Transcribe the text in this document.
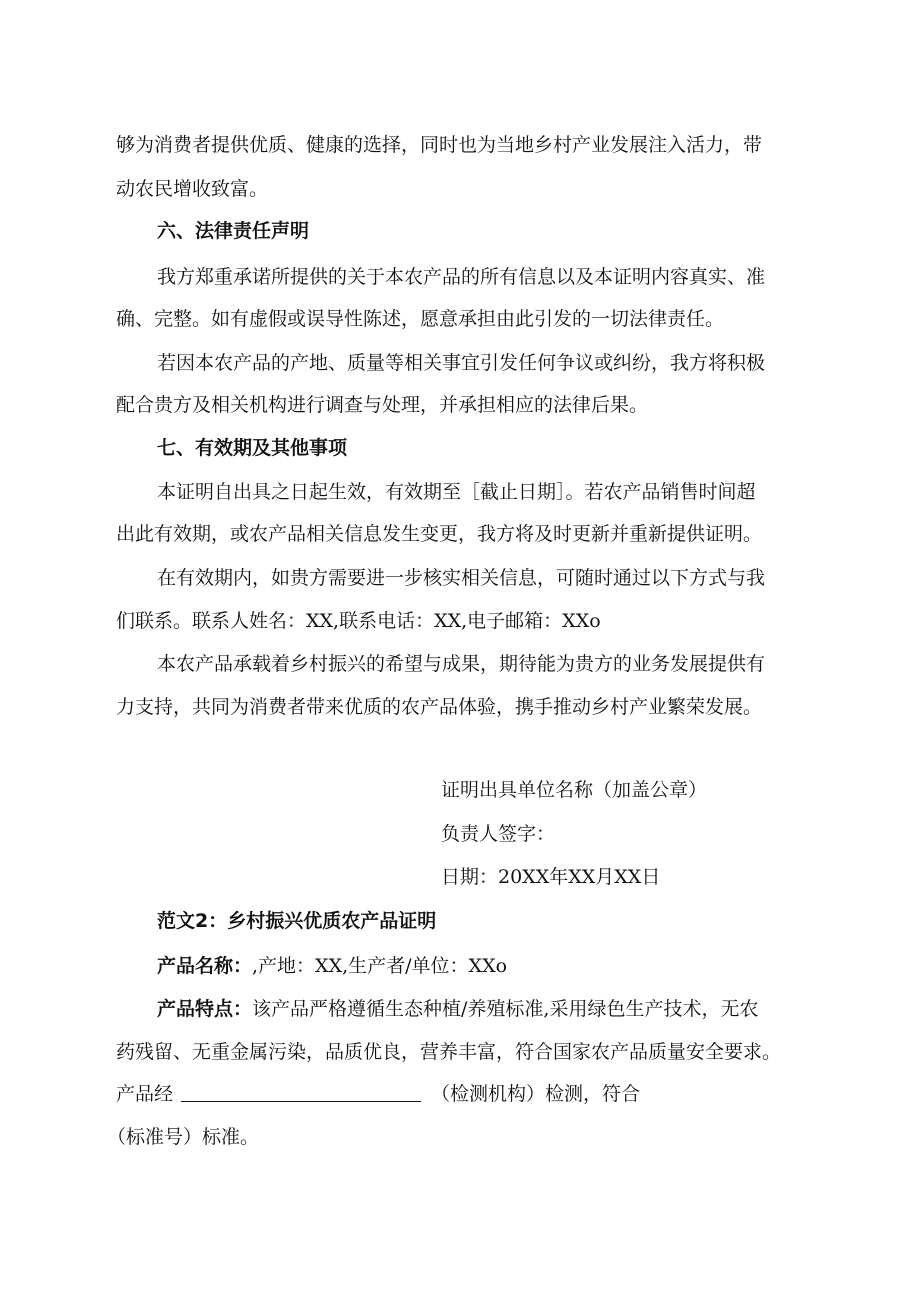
够为消费者提供优质、健康的选择，同时也为当地乡村产业发展注入活力，带
动农民增收致富。
六、法律责任声明
我方郑重承诺所提供的关于本农产品的所有信息以及本证明内容真实、准
确、完整。如有虚假或误导性陈述，愿意承担由此引发的一切法律责任。
若因本农产品的产地、质量等相关事宜引发任何争议或纠纷，我方将积极
配合贵方及相关机构进行调查与处理，并承担相应的法律后果。
七、有效期及其他事项
本证明自出具之日起生效，有效期至［截止日期］。若农产品销售时间超
出此有效期，或农产品相关信息发生变更，我方将及时更新并重新提供证明。
在有效期内，如贵方需要进一步核实相关信息，可随时通过以下方式与我
们联系。联系人姓名：XX,联系电话：XX,电子邮箱：XXo
本农产品承载着乡村振兴的希望与成果，期待能为贵方的业务发展提供有
力支持，共同为消费者带来优质的农产品体验，携手推动乡村产业繁荣发展。
证明出具单位名称（加盖公章）
负责人签字：
日期：20XX年XX月XX日
范文2：乡村振兴优质农产品证明
产品名称：,产地：XX,生产者/单位：XXo
产品特点：该产品严格遵循生态种植/养殖标准,采用绿色生产技术，无农
药残留、无重金属污染，品质优良，营养丰富，符合国家农产品质量安全要求。
产品经	（检测机构）检测，符合
（标准号）标准。
